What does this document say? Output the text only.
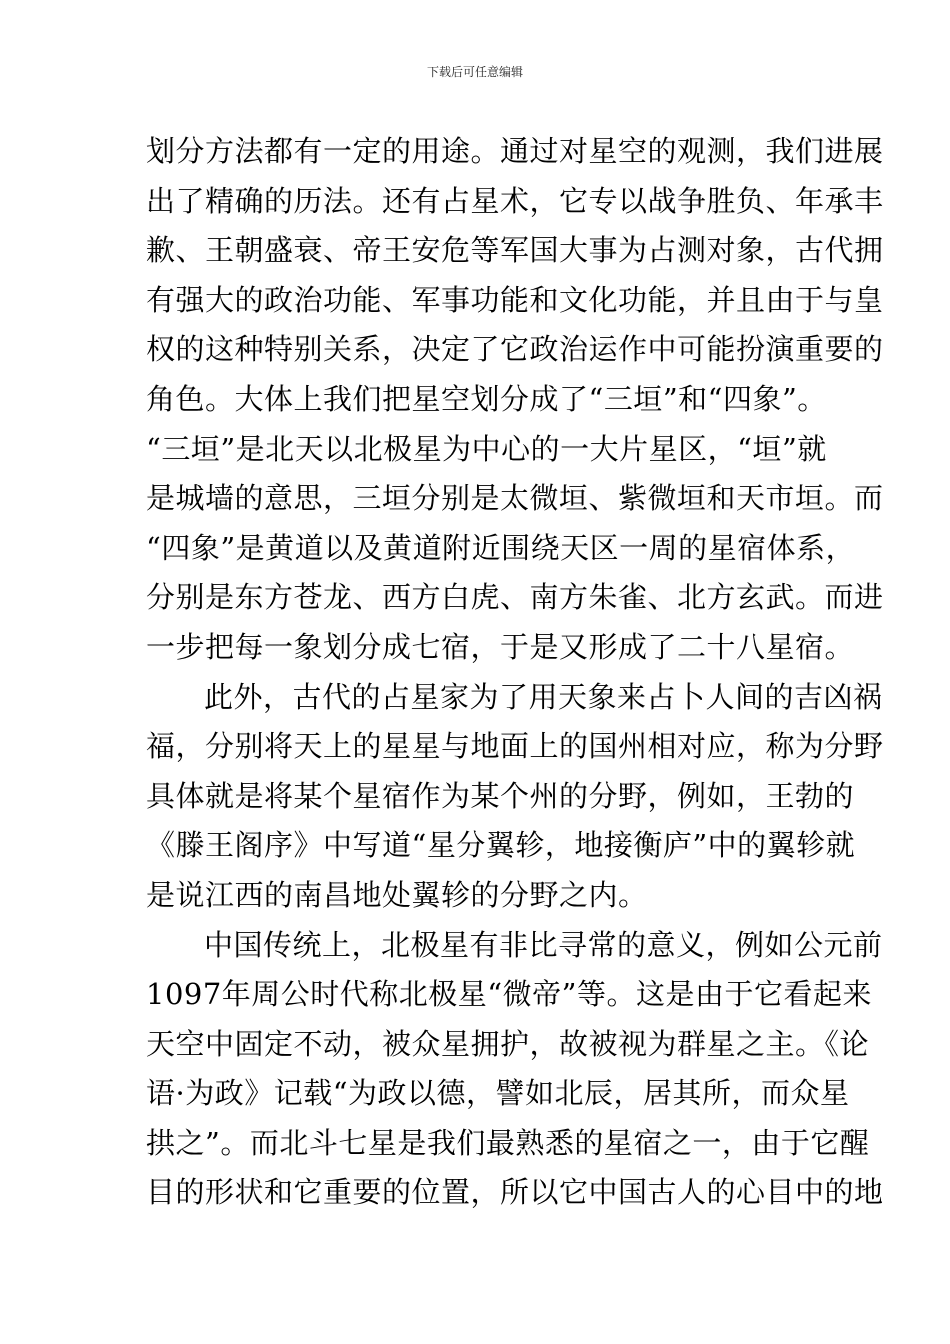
下载后可任意编辑
划分方法都有一定的用途。通过对星空的观测，我们进展
出了精确的历法。还有占星术，它专以战争胜负、年承丰
歉、王朝盛衰、帝王安危等军国大事为占测对象，古代拥
有强大的政治功能、军事功能和文化功能，并且由于与皇
权的这种特别关系，决定了它政治运作中可能扮演重要的
角色。大体上我们把星空划分成了“三垣”和“四象”。
“三垣”是北天以北极星为中心的一大片星区，“垣”就
是城墙的意思，三垣分别是太微垣、紫微垣和天市垣。而
“四象”是黄道以及黄道附近围绕天区一周的星宿体系，
分别是东方苍龙、西方白虎、南方朱雀、北方玄武。而进
一步把每一象划分成七宿，于是又形成了二十八星宿。
此外，古代的占星家为了用天象来占卜人间的吉凶祸
福，分别将天上的星星与地面上的国州相对应，称为分野
具体就是将某个星宿作为某个州的分野，例如，王勃的
《滕王阁序》中写道“星分翼轸，地接衡庐”中的翼轸就
是说江西的南昌地处翼轸的分野之内。
中国传统上，北极星有非比寻常的意义，例如公元前
1097年周公时代称北极星“微帝”等。这是由于它看起来
天空中固定不动，被众星拥护，故被视为群星之主。《论
语·为政》记载“为政以德，譬如北辰，居其所，而众星
拱之”。而北斗七星是我们最熟悉的星宿之一，由于它醒
目的形状和它重要的位置，所以它中国古人的心目中的地
